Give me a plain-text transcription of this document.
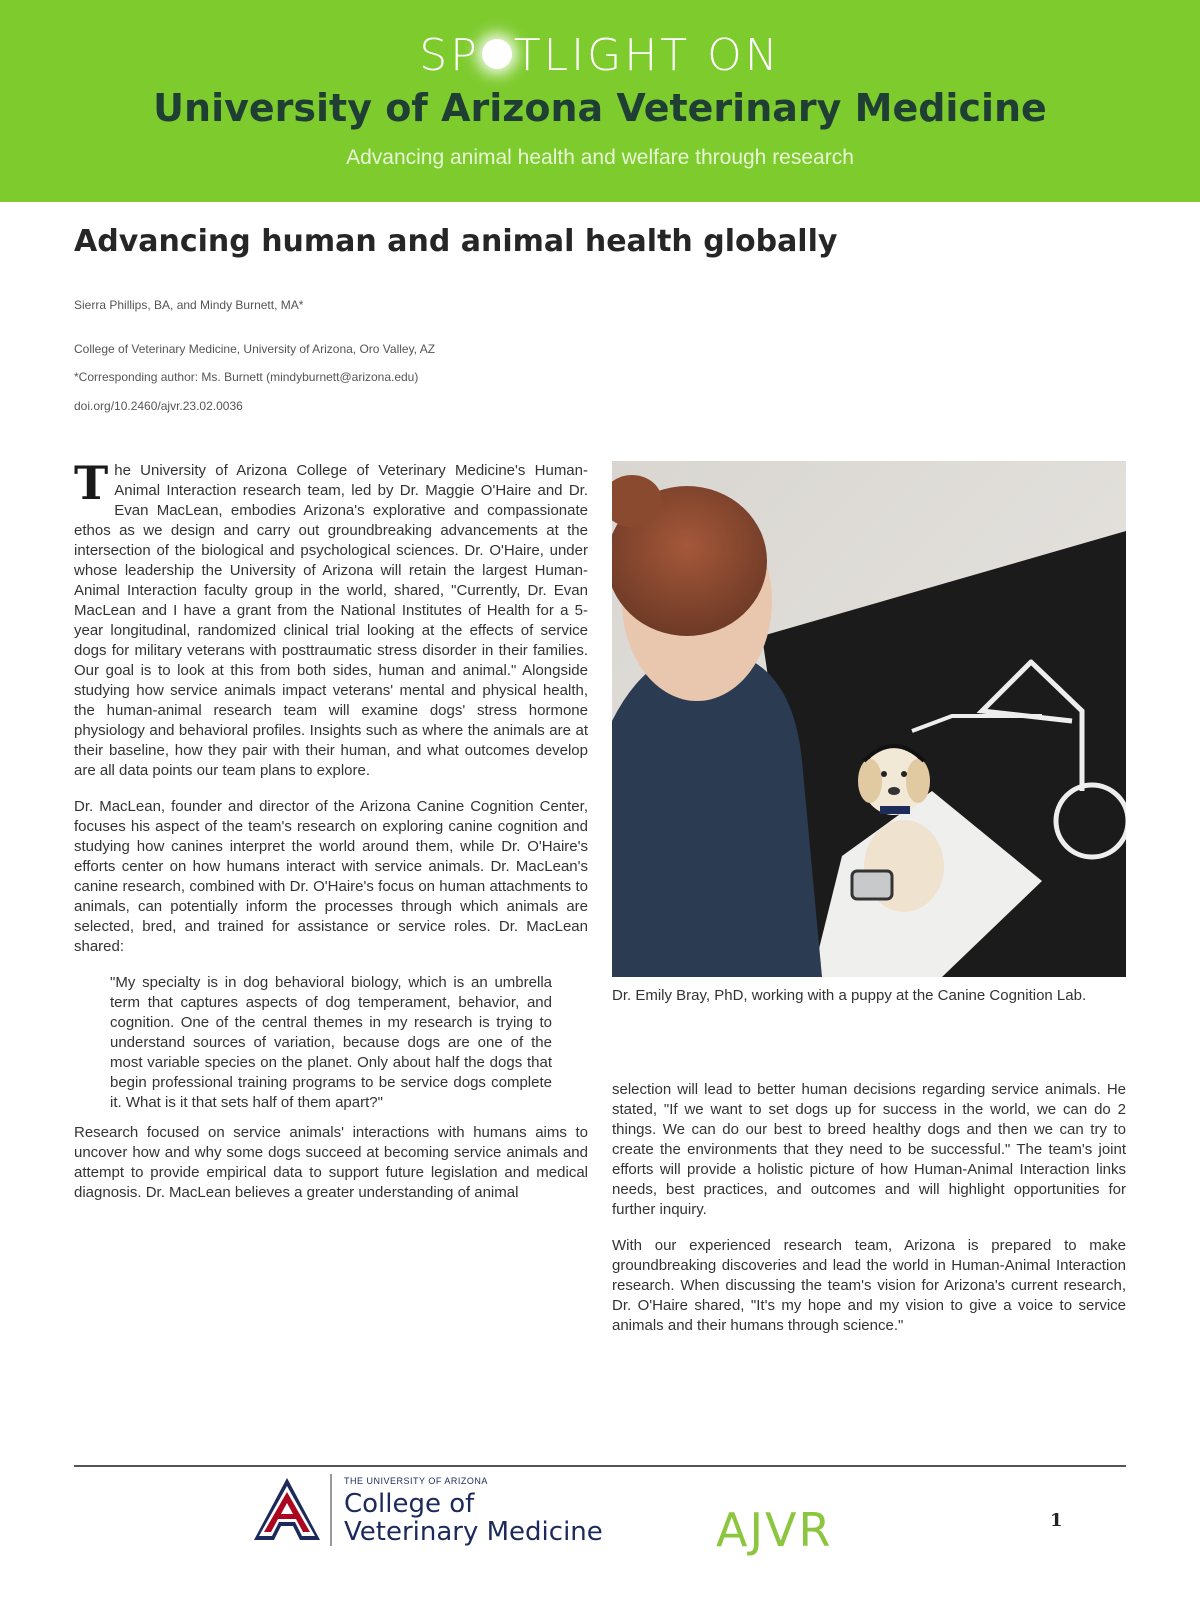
SP TLIGHT ON
University of Arizona Veterinary Medicine
Advancing animal health and welfare through research
Advancing human and animal health globally
Sierra Phillips, BA, and Mindy Burnett, MA*
College of Veterinary Medicine, University of Arizona, Oro Valley, AZ
*Corresponding author: Ms. Burnett (mindyburnett@arizona.edu)
doi.org/10.2460/ajvr.23.02.0036

The University of Arizona College of Veterinary Medicine's Human-Animal Interaction research team, led by Dr. Maggie O'Haire and Dr. Evan MacLean, embodies Arizona's explorative and compassionate ethos as we design and carry out groundbreaking advancements at the intersection of the biological and psychological sciences. Dr. O'Haire, under whose leadership the University of Arizona will retain the largest Human-Animal Interaction faculty group in the world, shared, "Currently, Dr. Evan MacLean and I have a grant from the National Institutes of Health for a 5-year longitudinal, randomized clinical trial looking at the effects of service dogs for military veterans with posttraumatic stress disorder in their families. Our goal is to look at this from both sides, human and animal." Alongside studying how service animals impact veterans' mental and physical health, the human-animal research team will examine dogs' stress hormone physiology and behavioral profiles. Insights such as where the animals are at their baseline, how they pair with their human, and what outcomes develop are all data points our team plans to explore.

Dr. MacLean, founder and director of the Arizona Canine Cognition Center, focuses his aspect of the team's research on exploring canine cognition and studying how canines interpret the world around them, while Dr. O'Haire's efforts center on how humans interact with service animals. Dr. MacLean's canine research, combined with Dr. O'Haire's focus on human attachments to animals, can potentially inform the processes through which animals are selected, bred, and trained for assistance or service roles. Dr. MacLean shared:

"My specialty is in dog behavioral biology, which is an umbrella term that captures aspects of dog temperament, behavior, and cognition. One of the central themes in my research is trying to understand sources of variation, because dogs are one of the most variable species on the planet. Only about half the dogs that begin professional training programs to be service dogs complete it. What is it that sets half of them apart?"

Research focused on service animals' interactions with humans aims to uncover how and why some dogs succeed at becoming service animals and attempt to provide empirical data to support future legislation and medical diagnosis. Dr. MacLean believes a greater understanding of animal

Dr. Emily Bray, PhD, working with a puppy at the Canine Cognition Lab.

selection will lead to better human decisions regarding service animals. He stated, "If we want to set dogs up for success in the world, we can do 2 things. We can do our best to breed healthy dogs and then we can try to create the environments that they need to be successful." The team's joint efforts will provide a holistic picture of how Human-Animal Interaction links needs, best practices, and outcomes and will highlight opportunities for further inquiry.

With our experienced research team, Arizona is prepared to make groundbreaking discoveries and lead the world in Human-Animal Interaction research. When discussing the team's vision for Arizona's current research, Dr. O'Haire shared, "It's my hope and my vision to give a voice to service animals and their humans through science."

THE UNIVERSITY OF ARIZONA
College of
Veterinary Medicine AJVR	1
